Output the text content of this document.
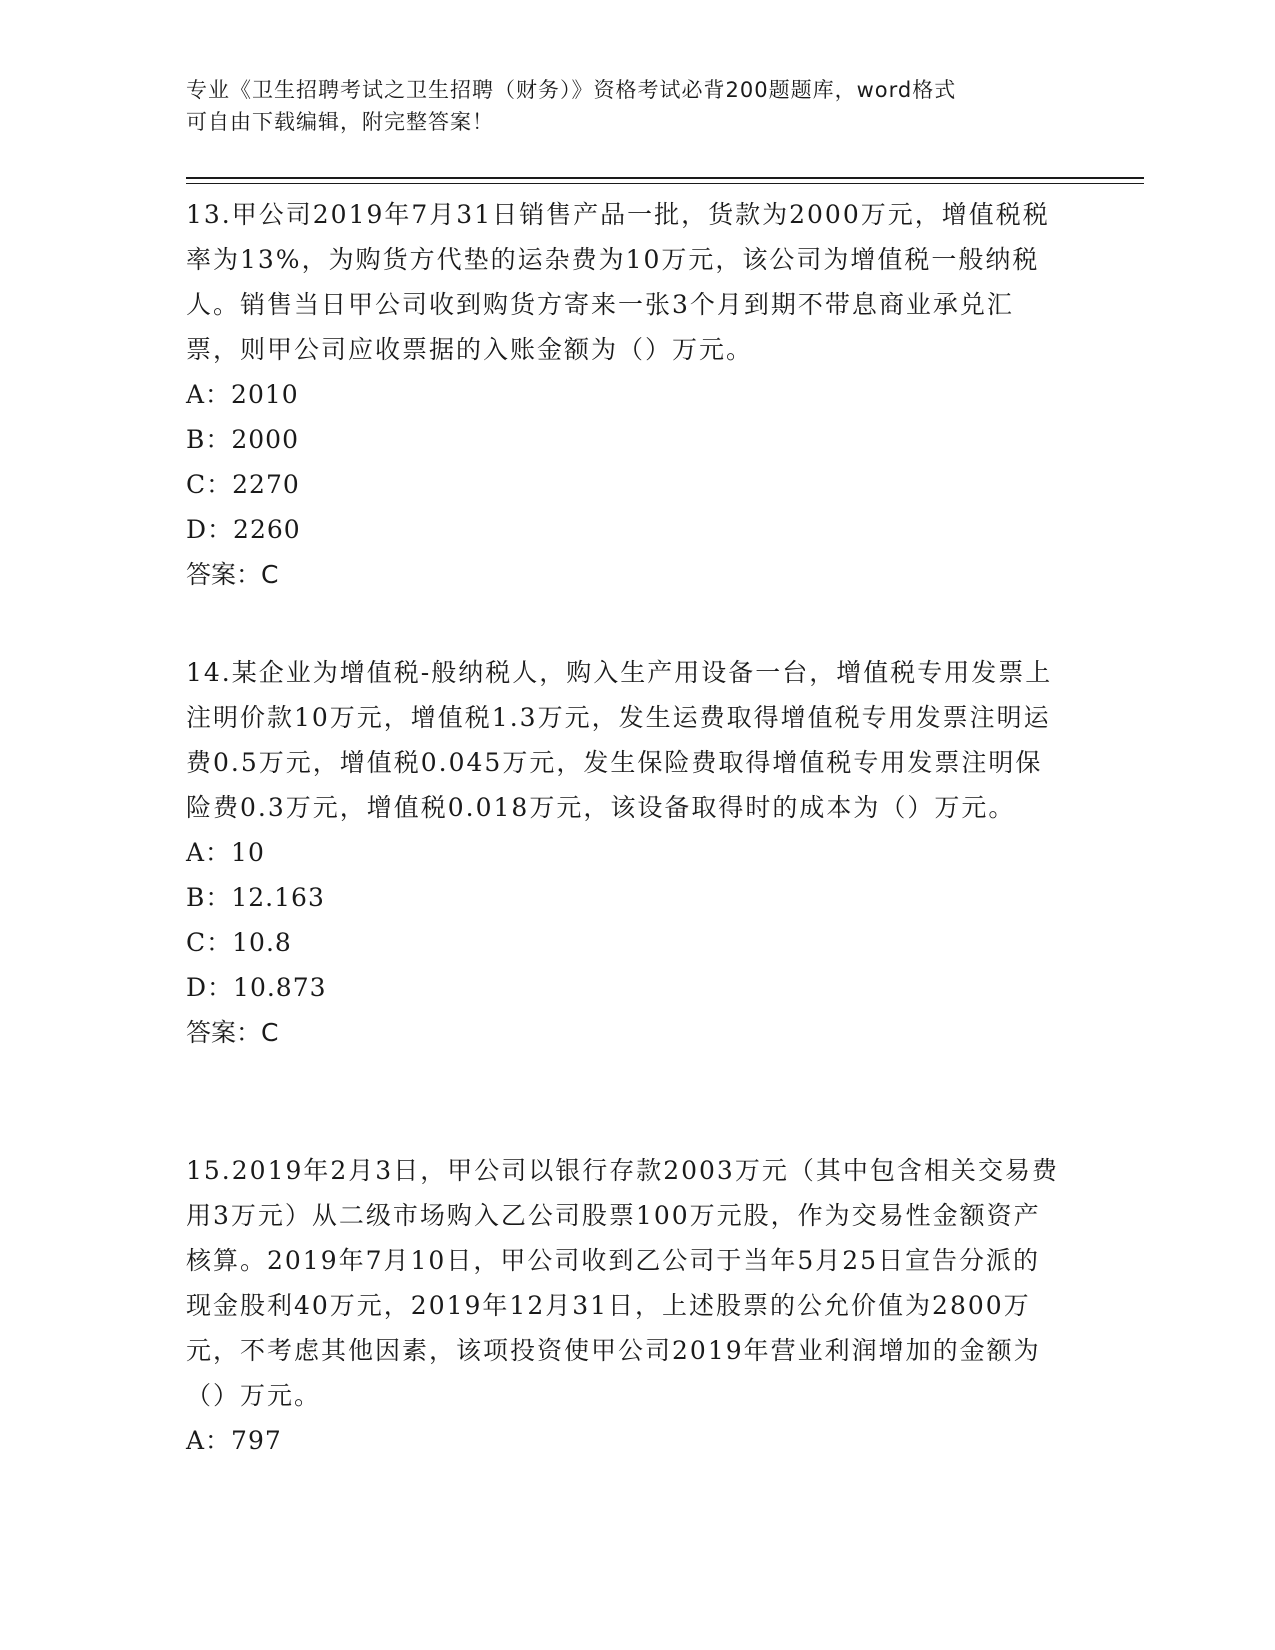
专业《卫生招聘考试之卫生招聘（财务）》资格考试必背200题题库，word格式
可自由下载编辑，附完整答案！

13.甲公司2019年7月31日销售产品一批，货款为2000万元，增值税税率为13%，为购货方代垫的运杂费为10万元，该公司为增值税一般纳税人。销售当日甲公司收到购货方寄来一张3个月到期不带息商业承兑汇票，则甲公司应收票据的入账金额为（）万元。

A：2010

B：2000

C：2270

D：2260

答案：C

14.某企业为增值税-般纳税人，购入生产用设备一台，增值税专用发票上注明价款10万元，增值税1.3万元，发生运费取得增值税专用发票注明运费0.5万元，增值税0.045万元，发生保险费取得增值税专用发票注明保险费0.3万元，增值税0.018万元，该设备取得时的成本为（）万元。

A：10

B：12.163

C：10.8

D：10.873

答案：C

15.2019年2月3日，甲公司以银行存款2003万元（其中包含相关交易费用3万元）从二级市场购入乙公司股票100万元股，作为交易性金额资产核算。2019年7月10日，甲公司收到乙公司于当年5月25日宣告分派的现金股利40万元，2019年12月31日，上述股票的公允价值为2800万元，不考虑其他因素，该项投资使甲公司2019年营业利润增加的金额为（）万元。

A：797
